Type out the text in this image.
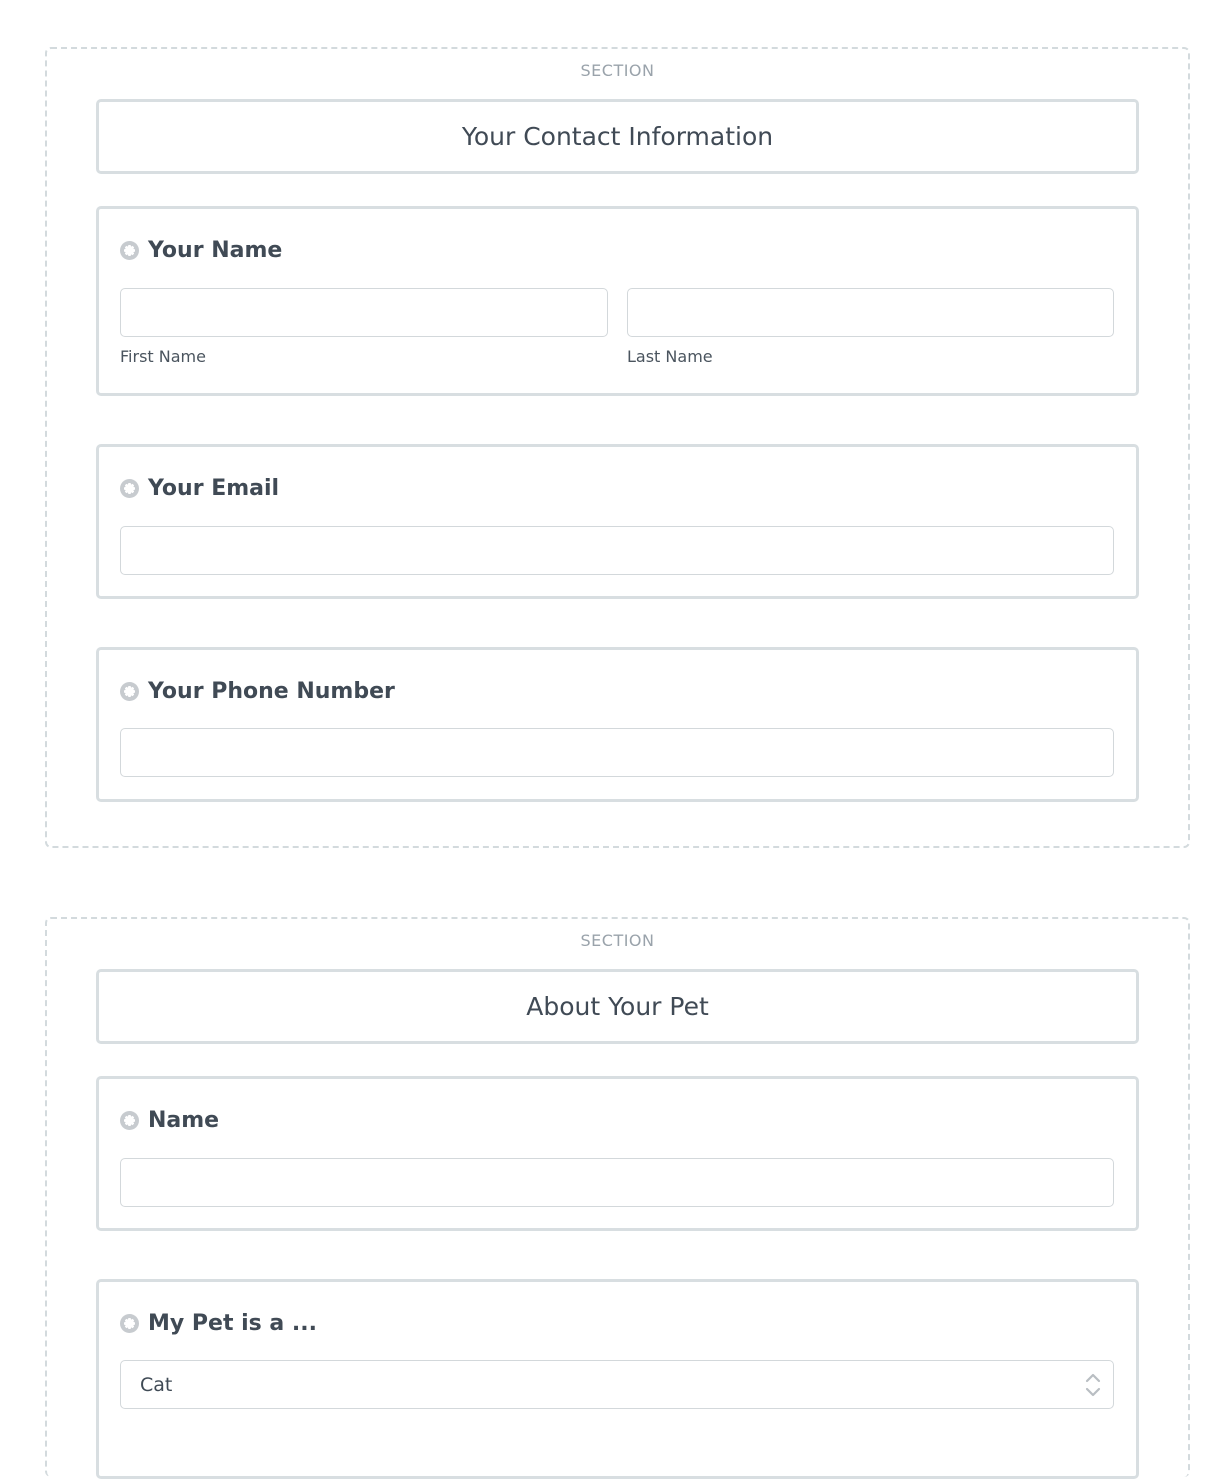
SECTION
Your Contact Information
Your Name
First Name	Last Name
Your Email
Your Phone Number
SECTION
About Your Pet
Name
My Pet is a ...
Cat
